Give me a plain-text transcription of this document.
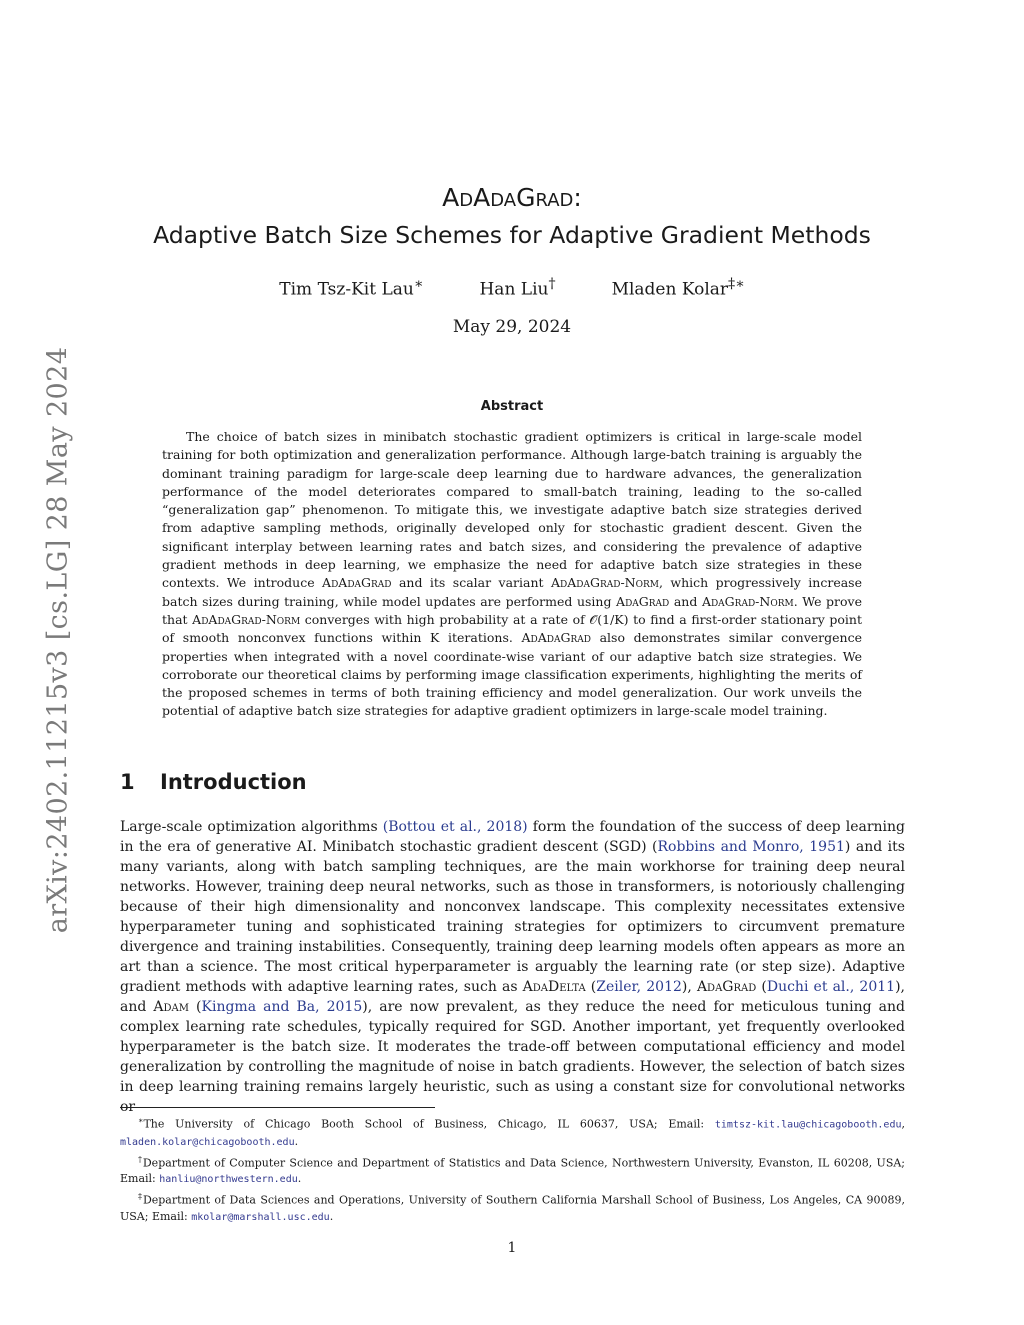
arXiv:2402.11215v3 [cs.LG] 28 May 2024
AdAdaGrad:
Adaptive Batch Size Schemes for Adaptive Gradient Methods
Tim Tsz-Kit Lau∗	Han Liu†	Mladen Kolar‡∗
May 29, 2024
Abstract

The choice of batch sizes in minibatch stochastic gradient optimizers is critical in large-scale model training for both optimization and generalization performance. Although large-batch training is arguably the dominant training paradigm for large-scale deep learning due to hardware advances, the generalization performance of the model deteriorates compared to small-batch training, leading to the so-called “generalization gap” phenomenon. To mitigate this, we investigate adaptive batch size strategies derived from adaptive sampling methods, originally developed only for stochastic gradient descent. Given the significant interplay between learning rates and batch sizes, and considering the prevalence of adaptive gradient methods in deep learning, we emphasize the need for adaptive batch size strategies in these contexts. We introduce AdAdaGrad and its scalar variant AdAdaGrad-Norm, which progressively increase batch sizes during training, while model updates are performed using AdaGrad and AdaGrad-Norm. We prove that AdAdaGrad-Norm converges with high probability at a rate of 𝒪(1/K) to find a first-order stationary point of smooth nonconvex functions within K iterations. AdAdaGrad also demonstrates similar convergence properties when integrated with a novel coordinate-wise variant of our adaptive batch size strategies. We corroborate our theoretical claims by performing image classification experiments, highlighting the merits of the proposed schemes in terms of both training efficiency and model generalization. Our work unveils the potential of adaptive batch size strategies for adaptive gradient optimizers in large-scale model training.

1 Introduction

Large-scale optimization algorithms (Bottou et al., 2018) form the foundation of the success of deep learning in the era of generative AI. Minibatch stochastic gradient descent (SGD) (Robbins and Monro, 1951) and its many variants, along with batch sampling techniques, are the main workhorse for training deep neural networks. However, training deep neural networks, such as those in transformers, is notoriously challenging because of their high dimensionality and nonconvex landscape. This complexity necessitates extensive hyperparameter tuning and sophisticated training strategies for optimizers to circumvent premature divergence and training instabilities. Consequently, training deep learning models often appears as more an art than a science. The most critical hyperparameter is arguably the learning rate (or step size). Adaptive gradient methods with adaptive learning rates, such as AdaDelta (Zeiler, 2012), AdaGrad (Duchi et al., 2011), and Adam (Kingma and Ba, 2015), are now prevalent, as they reduce the need for meticulous tuning and complex learning rate schedules, typically required for SGD. Another important, yet frequently overlooked hyperparameter is the batch size. It moderates the trade-off between computational efficiency and model generalization by controlling the magnitude of noise in batch gradients. However, the selection of batch sizes in deep learning training remains largely heuristic, such as using a constant size for convolutional networks or

∗The University of Chicago Booth School of Business, Chicago, IL 60637, USA; Email: timtsz-kit.lau@chicagobooth.edu, mladen.kolar@chicagobooth.edu.

†Department of Computer Science and Department of Statistics and Data Science, Northwestern University, Evanston, IL 60208, USA; Email: hanliu@northwestern.edu.

‡Department of Data Sciences and Operations, University of Southern California Marshall School of Business, Los Angeles, CA 90089, USA; Email: mkolar@marshall.usc.edu.

1
